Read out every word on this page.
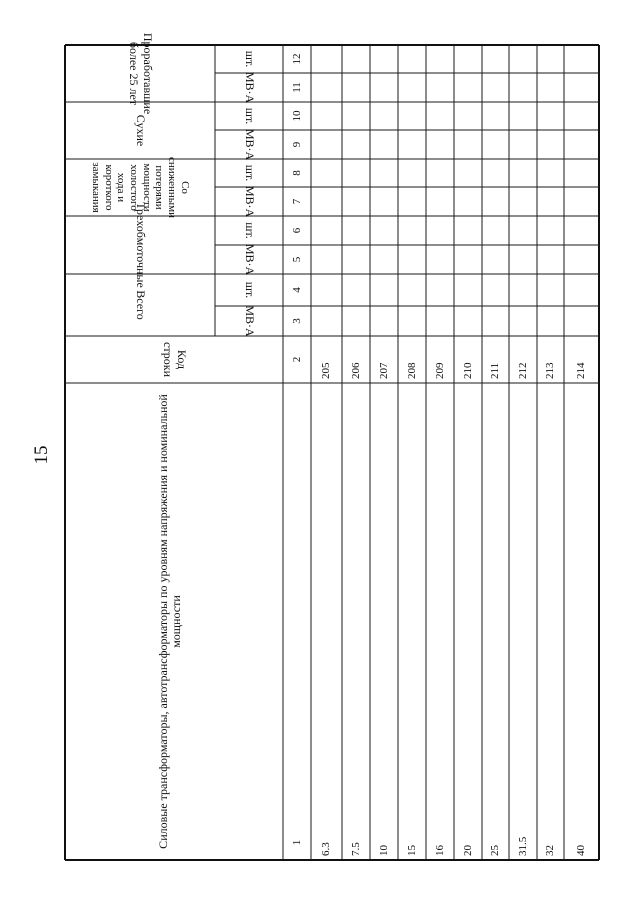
15	Силовые трансформаторы, автотрансформаторы по уровням напряжения и номинальной мощности
Код строки
1
2
Всего
Трехобмоточные
Со сниженными потерями мощности холостого хода и короткого замыкания
Сухие
Проработавшие более 25 лет
МВ·А
шт.
МВ·А
шт.
МВ·А
шт.
МВ·А
шт.
МВ·А
шт.
3
4
5
6
7
8
9
10
11
12
6.3
205
7.5
206
10
207
15
208
16
209
20
210
25
211
31.5
212
32
213
40
214
